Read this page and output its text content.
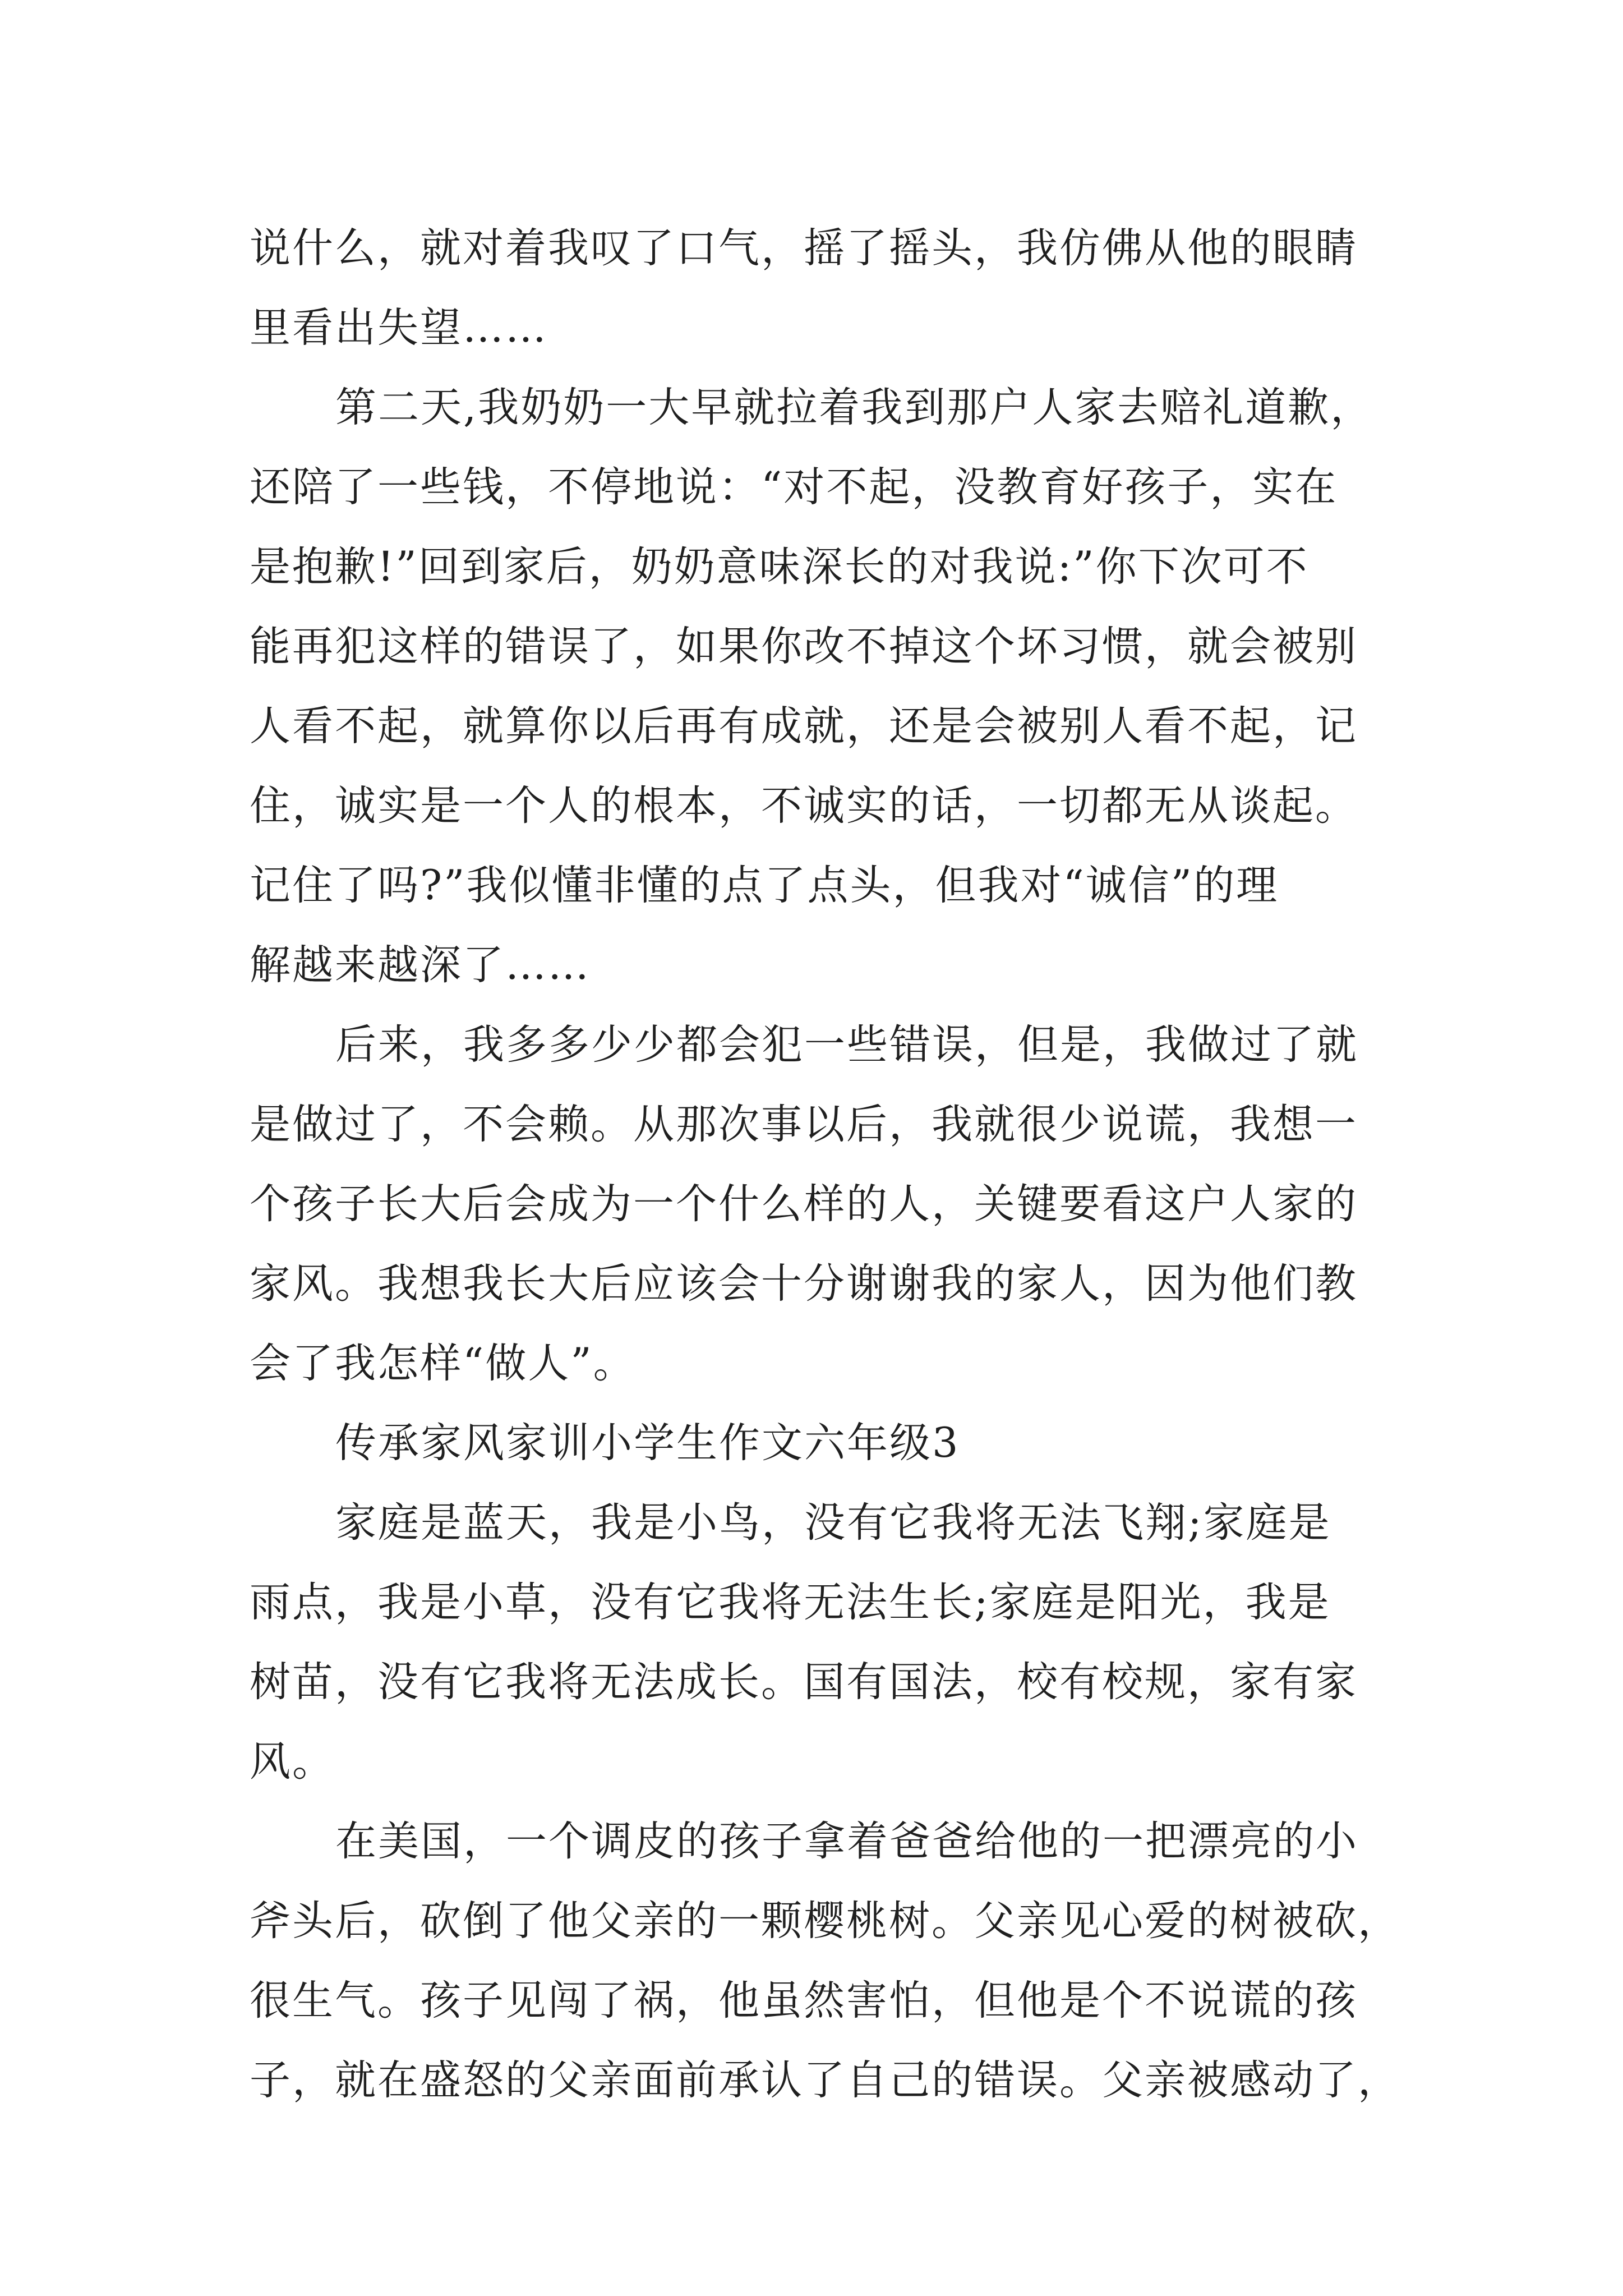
说什么，就对着我叹了口气，摇了摇头，我仿佛从他的眼睛
里看出失望……
第二天,我奶奶一大早就拉着我到那户人家去赔礼道歉，
还陪了一些钱，不停地说：“对不起，没教育好孩子，实在
是抱歉!”回到家后，奶奶意味深长的对我说:”你下次可不
能再犯这样的错误了，如果你改不掉这个坏习惯，就会被别
人看不起，就算你以后再有成就，还是会被别人看不起，记
住，诚实是一个人的根本，不诚实的话，一切都无从谈起。
记住了吗?”我似懂非懂的点了点头，但我对“诚信”的理
解越来越深了……
后来，我多多少少都会犯一些错误，但是，我做过了就
是做过了，不会赖。从那次事以后，我就很少说谎，我想一
个孩子长大后会成为一个什么样的人，关键要看这户人家的
家风。我想我长大后应该会十分谢谢我的家人，因为他们教
会了我怎样“做人”。
传承家风家训小学生作文六年级3
家庭是蓝天，我是小鸟，没有它我将无法飞翔;家庭是
雨点，我是小草，没有它我将无法生长;家庭是阳光，我是
树苗，没有它我将无法成长。国有国法，校有校规，家有家
风。
在美国，一个调皮的孩子拿着爸爸给他的一把漂亮的小
斧头后，砍倒了他父亲的一颗樱桃树。父亲见心爱的树被砍，
很生气。孩子见闯了祸，他虽然害怕，但他是个不说谎的孩
子，就在盛怒的父亲面前承认了自己的错误。父亲被感动了，
